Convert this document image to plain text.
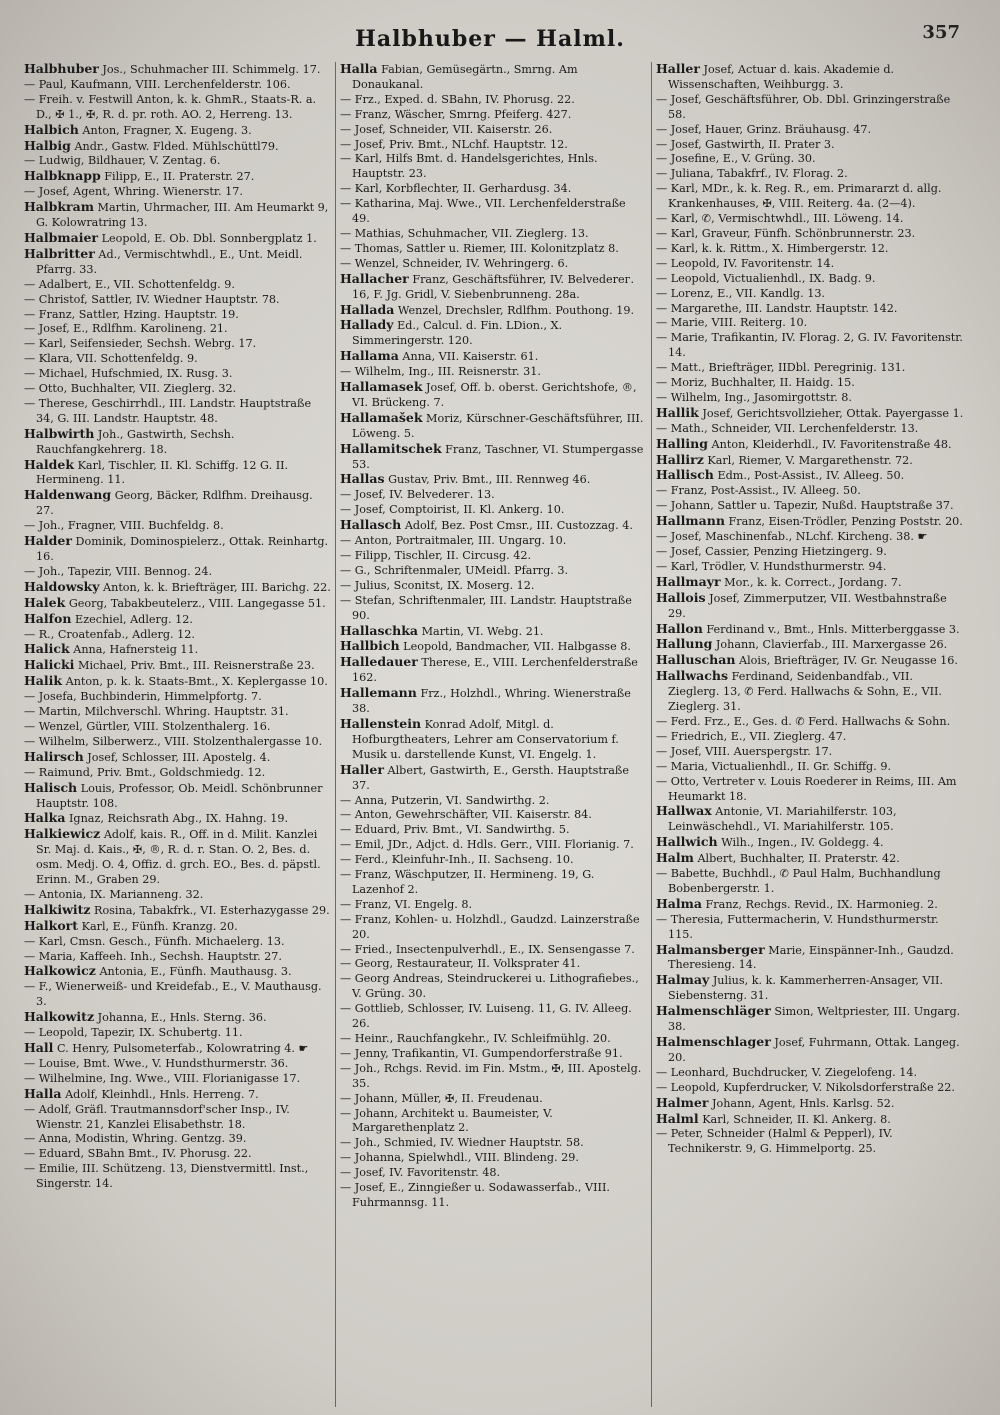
Halbhuber — Halml.	357

Halbhuber Jos., Schuhmacher III. Schimmelg. 17.

— Paul, Kaufmann, VIII. Lerchenfelderstr. 106.

— Freih. v. Festwill Anton, k. k. GhmR., Staats-R. a. D., ✠ 1., ✠, R. d. pr. roth. AO. 2, Herreng. 13.

Halbich Anton, Fragner, X. Eugeng. 3.

Halbig Andr., Gastw. Flded. Mühlschüttl79.

— Ludwig, Bildhauer, V. Zentag. 6.

Halbknapp Filipp, E., II. Praterstr. 27.

— Josef, Agent, Whring. Wienerstr. 17.

Halbkram Martin, Uhrmacher, III. Am Heumarkt 9, G. Kolowratring 13.

Halbmaier Leopold, E. Ob. Dbl. Sonnbergplatz 1.

Halbritter Ad., Vermischtwhdl., E., Unt. Meidl. Pfarrg. 33.

— Adalbert, E., VII. Schottenfeldg. 9.

— Christof, Sattler, IV. Wiedner Hauptstr. 78.

— Franz, Sattler, Hzing. Hauptstr. 19.

— Josef, E., Rdlfhm. Karolineng. 21.

— Karl, Seifensieder, Sechsh. Webrg. 17.

— Klara, VII. Schottenfeldg. 9.

— Michael, Hufschmied, IX. Rusg. 3.

— Otto, Buchhalter, VII. Zieglerg. 32.

— Therese, Geschirrhdl., III. Landstr. Hauptstraße 34, G. III. Landstr. Hauptstr. 48.

Halbwirth Joh., Gastwirth, Sechsh. Rauchfangkehrerg. 18.

Haldek Karl, Tischler, II. Kl. Schiffg. 12 G. II. Hermineng. 11.

Haldenwang Georg, Bäcker, Rdlfhm. Dreihausg. 27.

— Joh., Fragner, VIII. Buchfeldg. 8.

Halder Dominik, Dominospielerz., Ottak. Reinhartg. 16.

— Joh., Tapezir, VIII. Bennog. 24.

Haldowsky Anton, k. k. Briefträger, III. Barichg. 22.

Halek Georg, Tabakbeutelerz., VIII. Langegasse 51.

Halfon Ezechiel, Adlerg. 12.

— R., Croatenfab., Adlerg. 12.

Halick Anna, Hafnersteig 11.

Halicki Michael, Priv. Bmt., III. Reisnerstraße 23.

Halik Anton, p. k. k. Staats-Bmt., X. Keplergasse 10.

— Josefa, Buchbinderin, Himmelpfortg. 7.

— Martin, Milchverschl. Whring. Hauptstr. 31.

— Wenzel, Gürtler, VIII. Stolzenthalerg. 16.

— Wilhelm, Silberwerz., VIII. Stolzenthalergasse 10.

Halirsch Josef, Schlosser, III. Apostelg. 4.

— Raimund, Priv. Bmt., Goldschmiedg. 12.

Halisch Louis, Professor, Ob. Meidl. Schönbrunner Hauptstr. 108.

Halka Ignaz, Reichsrath Abg., IX. Hahng. 19.

Halkiewicz Adolf, kais. R., Off. in d. Milit. Kanzlei Sr. Maj. d. Kais., ✠, ®, R. d. r. Stan. O. 2, Bes. d. osm. Medj. O. 4, Offiz. d. grch. EO., Bes. d. päpstl. Erinn. M., Graben 29.

— Antonia, IX. Marianneng. 32.

Halkiwitz Rosina, Tabakfrk., VI. Esterhazygasse 29.

Halkort Karl, E., Fünfh. Kranzg. 20.

— Karl, Cmsn. Gesch., Fünfh. Michaelerg. 13.

— Maria, Kaffeeh. Inh., Sechsh. Hauptstr. 27.

Halkowicz Antonia, E., Fünfh. Mauthausg. 3.

— F., Wienerweiß- und Kreidefab., E., V. Mauthausg. 3.

Halkowitz Johanna, E., Hnls. Sterng. 36.

— Leopold, Tapezir, IX. Schubertg. 11.

Hall C. Henry, Pulsometerfab., Kolowratring 4. ☛

— Louise, Bmt. Wwe., V. Hundsthurmerstr. 36.

— Wilhelmine, Ing. Wwe., VIII. Florianigasse 17.

Halla Adolf, Kleinhdl., Hnls. Herreng. 7.

— Adolf, Gräfl. Trautmannsdorf'scher Insp., IV. Wienstr. 21, Kanzlei Elisabethstr. 18.

— Anna, Modistin, Whring. Gentzg. 39.

— Eduard, SBahn Bmt., IV. Phorusg. 22.

— Emilie, III. Schützeng. 13, Dienstvermittl. Inst., Singerstr. 14.

Halla Fabian, Gemüsegärtn., Smrng. Am Donaukanal.

— Frz., Exped. d. SBahn, IV. Phorusg. 22.

— Franz, Wäscher, Smrng. Pfeiferg. 427.

— Josef, Schneider, VII. Kaiserstr. 26.

— Josef, Priv. Bmt., NLchf. Hauptstr. 12.

— Karl, Hilfs Bmt. d. Handelsgerichtes, Hnls. Hauptstr. 23.

— Karl, Korbflechter, II. Gerhardusg. 34.

— Katharina, Maj. Wwe., VII. Lerchenfelderstraße 49.

— Mathias, Schuhmacher, VII. Zieglerg. 13.

— Thomas, Sattler u. Riemer, III. Kolonitzplatz 8.

— Wenzel, Schneider, IV. Wehringerg. 6.

Hallacher Franz, Geschäftsführer, IV. Belvederег. 16, F. Jg. Gridl, V. Siebenbrunneng. 28a.

Hallada Wenzel, Drechsler, Rdlfhm. Pouthong. 19.

Hallady Ed., Calcul. d. Fin. LDion., X. Simmeringerstr. 120.

Hallama Anna, VII. Kaiserstr. 61.

— Wilhelm, Ing., III. Reisnerstr. 31.

Hallamasek Josef, Off. b. oberst. Gerichtshofe, ®, VI. Brückeng. 7.

Hallamašek Moriz, Kürschner-Geschäftsführer, III. Löweng. 5.

Hallamitschek Franz, Taschner, VI. Stumpergasse 53.

Hallas Gustav, Priv. Bmt., III. Rennweg 46.

— Josef, IV. Belvederег. 13.

— Josef, Comptoirist, II. Kl. Ankerg. 10.

Hallasch Adolf, Bez. Post Cmsr., III. Custozzag. 4.

— Anton, Portraitmaler, III. Ungarg. 10.

— Filipp, Tischler, II. Circusg. 42.

— G., Schriftenmaler, UMeidl. Pfarrg. 3.

— Julius, Sconitst, IX. Moserg. 12.

— Stefan, Schriftenmaler, III. Landstr. Hauptstraße 90.

Hallaschka Martin, VI. Webg. 21.

Hallbich Leopold, Bandmacher, VII. Halbgasse 8.

Halledauer Therese, E., VIII. Lerchenfelderstraße 162.

Hallemann Frz., Holzhdl., Whring. Wienerstraße 38.

Hallenstein Konrad Adolf, Mitgl. d. Hofburgtheaters, Lehrer am Conservatorium f. Musik u. darstellende Kunst, VI. Engelg. 1.

Haller Albert, Gastwirth, E., Gersth. Hauptstraße 37.

— Anna, Putzerin, VI. Sandwirthg. 2.

— Anton, Gewehrschäfter, VII. Kaiserstr. 84.

— Eduard, Priv. Bmt., VI. Sandwirthg. 5.

— Emil, JDr., Adjct. d. Hdls. Gerr., VIII. Florianig. 7.

— Ferd., Kleinfuhr-Inh., II. Sachseng. 10.

— Franz, Wäschputzer, II. Hermineng. 19, G. Lazenhof 2.

— Franz, VI. Engelg. 8.

— Franz, Kohlen- u. Holzhdl., Gaudzd. Lainzerstraße 20.

— Fried., Insectenpulverhdl., E., IX. Sensengasse 7.

— Georg, Restaurateur, II. Volksprater 41.

— Georg Andreas, Steindruckerei u. Lithografiebes., V. Grüng. 30.

— Gottlieb, Schlosser, IV. Luiseng. 11, G. IV. Alleeg. 26.

— Heinr., Rauchfangkehr., IV. Schleifmühlg. 20.

— Jenny, Trafikantin, VI. Gumpendorferstraße 91.

— Joh., Rchgs. Revid. im Fin. Mstm., ✠, III. Apostelg. 35.

— Johann, Müller, ✠, II. Freudenau.

— Johann, Architekt u. Baumeister, V. Margarethenplatz 2.

— Joh., Schmied, IV. Wiedner Hauptstr. 58.

— Johanna, Spielwhdl., VIII. Blindeng. 29.

— Josef, IV. Favoritenstr. 48.

— Josef, E., Zinngießer u. Sodawasserfab., VIII. Fuhrmannsg. 11.

Haller Josef, Actuar d. kais. Akademie d. Wissenschaften, Weihburgg. 3.

— Josef, Geschäftsführer, Ob. Dbl. Grinzingerstraße 58.

— Josef, Hauer, Grinz. Bräuhausg. 47.

— Josef, Gastwirth, II. Prater 3.

— Josefine, E., V. Grüng. 30.

— Juliana, Tabakfrf., IV. Florag. 2.

— Karl, MDr., k. k. Reg. R., em. Primararzt d. allg. Krankenhauses, ✠, VIII. Reiterg. 4a. (2—4).

— Karl, ✆, Vermischtwhdl., III. Löweng. 14.

— Karl, Graveur, Fünfh. Schönbrunnerstr. 23.

— Karl, k. k. Rittm., X. Himbergerstr. 12.

— Leopold, IV. Favoritenstr. 14.

— Leopold, Victualienhdl., IX. Badg. 9.

— Lorenz, E., VII. Kandlg. 13.

— Margarethe, III. Landstr. Hauptstr. 142.

— Marie, VIII. Reiterg. 10.

— Marie, Trafikantin, IV. Florag. 2, G. IV. Favoritenstr. 14.

— Matt., Briefträger, IIDbl. Peregrinig. 131.

— Moriz, Buchhalter, II. Haidg. 15.

— Wilhelm, Ing., Jasomirgottstr. 8.

Hallik Josef, Gerichtsvollzieher, Ottak. Payergasse 1.

— Math., Schneider, VII. Lerchenfelderstr. 13.

Halling Anton, Kleiderhdl., IV. Favoritenstraße 48.

Hallirz Karl, Riemer, V. Margarethenstr. 72.

Hallisch Edm., Post-Assist., IV. Alleeg. 50.

— Franz, Post-Assist., IV. Alleeg. 50.

— Johann, Sattler u. Tapezir, Nußd. Hauptstraße 37.

Hallmann Franz, Eisen-Trödler, Penzing Poststr. 20.

— Josef, Maschinenfab., NLchf. Kircheng. 38. ☛

— Josef, Cassier, Penzing Hietzingerg. 9.

— Karl, Trödler, V. Hundsthurmerstr. 94.

Hallmayr Mor., k. k. Correct., Jordang. 7.

Hallois Josef, Zimmerputzer, VII. Westbahnstraße 29.

Hallon Ferdinand v., Bmt., Hnls. Mitterberggasse 3.

Hallung Johann, Clavierfab., III. Marxergasse 26.

Halluschan Alois, Briefträger, IV. Gr. Neugasse 16.

Hallwachs Ferdinand, Seidenbandfab., VII. Zieglerg. 13, ✆ Ferd. Hallwachs & Sohn, E., VII. Zieglerg. 31.

— Ferd. Frz., E., Ges. d. ✆ Ferd. Hallwachs & Sohn.

— Friedrich, E., VII. Zieglerg. 47.

— Josef, VIII. Auerspergstr. 17.

— Maria, Victualienhdl., II. Gr. Schiffg. 9.

— Otto, Vertreter v. Louis Roederer in Reims, III. Am Heumarkt 18.

Hallwax Antonie, VI. Mariahilferstr. 103, Leinwäschehdl., VI. Mariahilferstr. 105.

Hallwich Wilh., Ingen., IV. Goldegg. 4.

Halm Albert, Buchhalter, II. Praterstr. 42.

— Babette, Buchhdl., ✆ Paul Halm, Buchhandlung Bobenbergerstr. 1.

Halma Franz, Rechgs. Revid., IX. Harmonieg. 2.

— Theresia, Futtermacherin, V. Hundsthurmerstr. 115.

Halmansberger Marie, Einspänner-Inh., Gaudzd. Theresieng. 14.

Halmay Julius, k. k. Kammerherren-Ansager, VII. Siebensterng. 31.

Halmenschläger Simon, Weltpriester, III. Ungarg. 38.

Halmenschlager Josef, Fuhrmann, Ottak. Langeg. 20.

— Leonhard, Buchdrucker, V. Ziegelofeng. 14.

— Leopold, Kupferdrucker, V. Nikolsdorferstraße 22.

Halmer Johann, Agent, Hnls. Karlsg. 52.

Halml Karl, Schneider, II. Kl. Ankerg. 8.

— Peter, Schneider (Halml & Pepperl), IV. Technikerstr. 9, G. Himmelportg. 25.
